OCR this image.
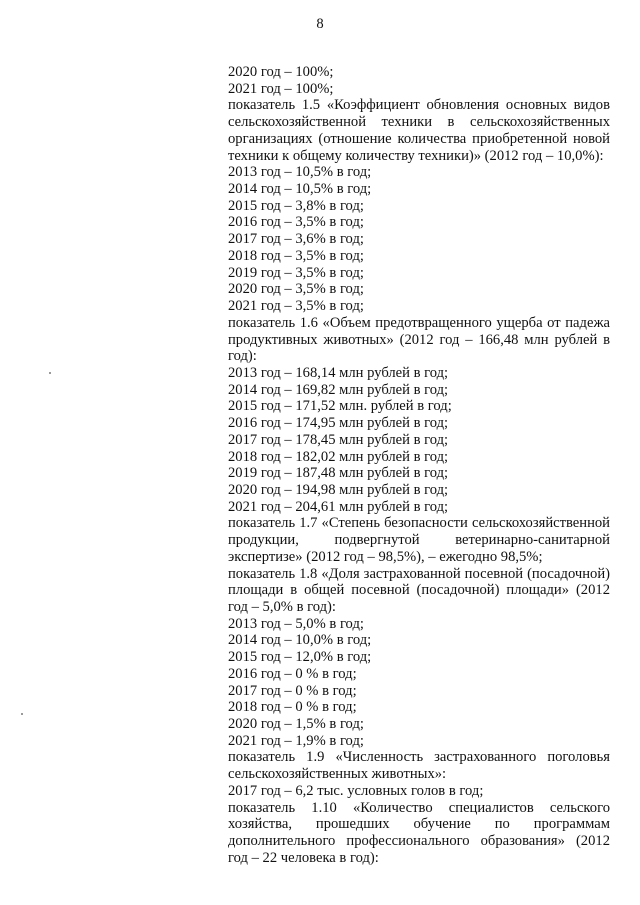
8
2020 год – 100%;
2021 год – 100%;
показатель 1.5 «Коэффициент обновления основных видов
сельскохозяйственной техники в сельскохозяйственных
организациях (отношение количества приобретенной новой
техники к общему количеству техники)» (2012 год – 10,0%):
2013 год – 10,5% в год;
2014 год – 10,5% в год;
2015 год – 3,8% в год;
2016 год – 3,5% в год;
2017 год – 3,6% в год;
2018 год – 3,5% в год;
2019 год – 3,5% в год;
2020 год – 3,5% в год;
2021 год – 3,5% в год;
показатель 1.6 «Объем предотвращенного ущерба от падежа
продуктивных животных» (2012 год – 166,48 млн рублей в
год):
2013 год – 168,14 млн рублей в год;
2014 год – 169,82 млн рублей в год;
2015 год – 171,52 млн. рублей в год;
2016 год – 174,95 млн рублей в год;
2017 год – 178,45 млн рублей в год;
2018 год – 182,02 млн рублей в год;
2019 год – 187,48 млн рублей в год;
2020 год – 194,98 млн рублей в год;
2021 год – 204,61 млн рублей в год;
показатель 1.7 «Степень безопасности сельскохозяйственной
продукции, подвергнутой ветеринарно-санитарной
экспертизе» (2012 год – 98,5%), – ежегодно 98,5%;
показатель 1.8 «Доля застрахованной посевной (посадочной)
площади в общей посевной (посадочной) площади» (2012
год – 5,0% в год):
2013 год – 5,0% в год;
2014 год – 10,0% в год;
2015 год – 12,0% в год;
2016 год – 0 % в год;
2017 год – 0 % в год;
2018 год – 0 % в год;
2020 год – 1,5% в год;
2021 год – 1,9% в год;
показатель 1.9 «Численность застрахованного поголовья
сельскохозяйственных животных»:
2017 год – 6,2 тыс. условных голов в год;
показатель 1.10 «Количество специалистов сельского
хозяйства, прошедших обучение по программам
дополнительного профессионального образования» (2012
год – 22 человека в год):
